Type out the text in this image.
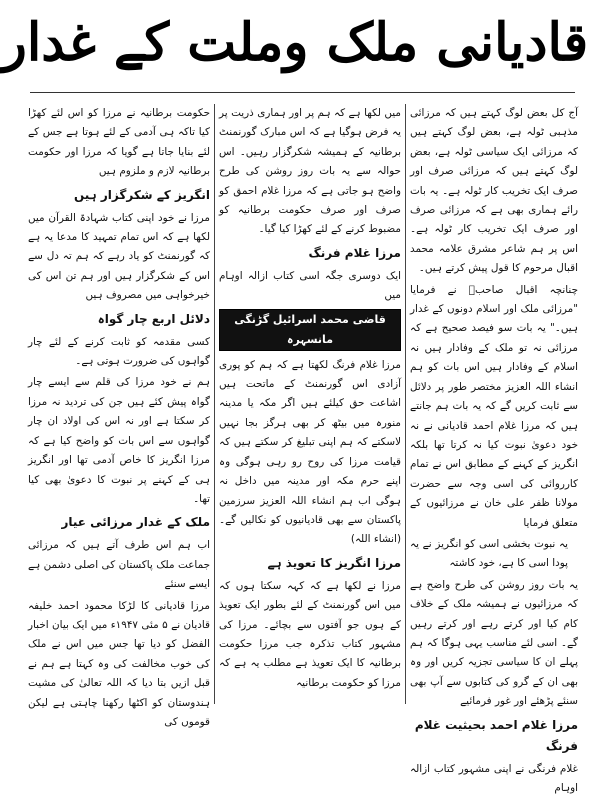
قادیانی ملک وملت کے غدار

آج کل بعض لوگ کہتے ہیں کہ مرزائی مذہبی ٹولہ ہے، بعض لوگ کہتے ہیں کہ مرزائی ایک سیاسی ٹولہ ہے، بعض لوگ کہتے ہیں کہ مرزائی صرف اور صرف ایک تخریب کار ٹولہ ہے۔ یہ بات رائے ہماری بھی ہے کہ مرزائی صرف اور صرف ایک تخریب کار ٹولہ ہے۔ اس پر ہم شاعر مشرق علامہ محمد اقبال مرحوم کا قول پیش کرتے ہیں۔

چنانچہ اقبال صاحبؒ نے فرمایا "مرزائی ملک اور اسلام دونوں کے غدار ہیں۔" یہ بات سو فیصد صحیح ہے کہ مرزائی نہ تو ملک کے وفادار ہیں نہ اسلام کے وفادار ہیں اس بات کو ہم انشاء اللہ العزیز مختصر طور پر دلائل سے ثابت کریں گے کہ یہ بات ہم جانتے ہیں کہ مرزا غلام احمد قادیانی نے نہ خود دعویٰ نبوت کیا نہ کرتا تھا بلکہ انگریز کے کہنے کے مطابق اس نے تمام کارروائی کی اسی وجہ سے حضرت مولانا ظفر علی خان نے مرزائیوں کے متعلق فرمایا

یہ نبوت بخشی اسی کو انگریز نے یہ پودا اسی کا ہے، خود کاشتہ

یہ بات روز روشن کی طرح واضح ہے کہ مرزائیوں نے ہمیشہ ملک کے خلاف کام کیا اور کرتے رہے اور کرتے رہیں گے۔ اسی لئے مناسب یہی ہوگا کہ ہم پہلے ان کا سیاسی تجزیہ کریں اور وہ بھی ان کے گرو کی کتابوں سے آپ بھی سنئے پڑھئے اور غور فرمائیے

مرزا غلام احمد بحیثیت غلام فرنگ

غلام فرنگی نے اپنی مشہور کتاب ازالہ اوہام

میں لکھا ہے کہ ہم پر اور ہماری ذریت پر یہ فرض ہوگیا ہے کہ اس مبارک گورنمنٹ برطانیہ کے ہمیشہ شکرگزار رہیں۔ اس حوالہ سے یہ بات روز روشن کی طرح واضح ہو جاتی ہے کہ مرزا غلام احمق کو صرف اور صرف حکومت برطانیہ کو مضبوط کرنے کے لئے کھڑا کیا گیا۔

مرزا غلام فرنگ

ایک دوسری جگہ اسی کتاب ازالہ اوہام میں

قاضی محمد اسرائیل گڑنگی مانسہرہ

مرزا غلام فرنگ لکھتا ہے کہ ہم کو پوری آزادی اس گورنمنٹ کے ماتحت ہیں اشاعت حق کیلئے ہیں اگر مکہ یا مدینہ منورہ میں بیٹھ کر بھی ہرگز بجا نہیں لاسکتے کہ ہم اپنی تبلیغ کر سکتے ہیں کہ قیامت مرزا کی روح رو رہی ہوگی وہ اپنے حرم مکہ اور مدینہ میں داخل نہ ہوگی اب ہم انشاء اللہ العزیز سرزمین پاکستان سے بھی قادیانیوں کو نکالیں گے۔ (انشاء اللہ)

مرزا انگریز کا تعویذ ہے

مرزا نے لکھا ہے کہ کہہ سکتا ہوں کہ میں اس گورنمنٹ کے لئے بطور ایک تعویذ کے ہوں جو آفتوں سے بچائے۔ مرزا کی مشہور کتاب تذکرہ جب مرزا حکومت برطانیہ کا ایک تعویذ ہے مطلب یہ ہے کہ مرزا کو حکومت برطانیہ

حکومت برطانیہ نے مرزا کو اس لئے کھڑا کیا تاکہ ہی آدمی کے لئے ہوتا ہے جس کے لئے بنایا جاتا ہے گویا کہ مرزا اور حکومت برطانیہ لازم و ملزوم ہیں

انگریز کے شکرگزار ہیں

مرزا نے خود اپنی کتاب شہادۃ القرآن میں لکھا ہے کہ اس تمام تمہید کا مدعا یہ ہے کہ گورنمنٹ کو یاد رہے کہ ہم تہ دل سے اس کے شکرگزار ہیں اور ہم تن اس کی خیرخواہی میں مصروف ہیں

دلائل اربع چار گواہ

کسی مقدمہ کو ثابت کرنے کے لئے چار گواہوں کی ضرورت ہوتی ہے۔

ہم نے خود مرزا کی قلم سے ایسے چار گواہ پیش کئے ہیں جن کی تردید نہ مرزا کر سکتا ہے اور نہ اس کی اولاد ان چار گواہوں سے اس بات کو واضح کیا ہے کہ مرزا انگریز کا خاص آدمی تھا اور انگریز ہی کے کہنے پر نبوت کا دعویٰ بھی کیا تھا۔

ملک کے غدار مرزائی عیار

اب ہم اس طرف آتے ہیں کہ مرزائی جماعت ملک پاکستان کی اصلی دشمن ہے ایسے سنئے

مرزا قادیانی کا لڑکا محمود احمد خلیفہ قادیان نے ۵ مئی ۱۹۴۷ء میں ایک بیان اخبار الفضل کو دیا تھا جس میں اس نے ملک کی خوب مخالفت کی وہ کہتا ہے ہم نے قبل ازیں بتا دیا کہ اللہ تعالیٰ کی مشیت ہندوستان کو اکٹھا رکھنا چاہتی ہے لیکن قوموں کی
